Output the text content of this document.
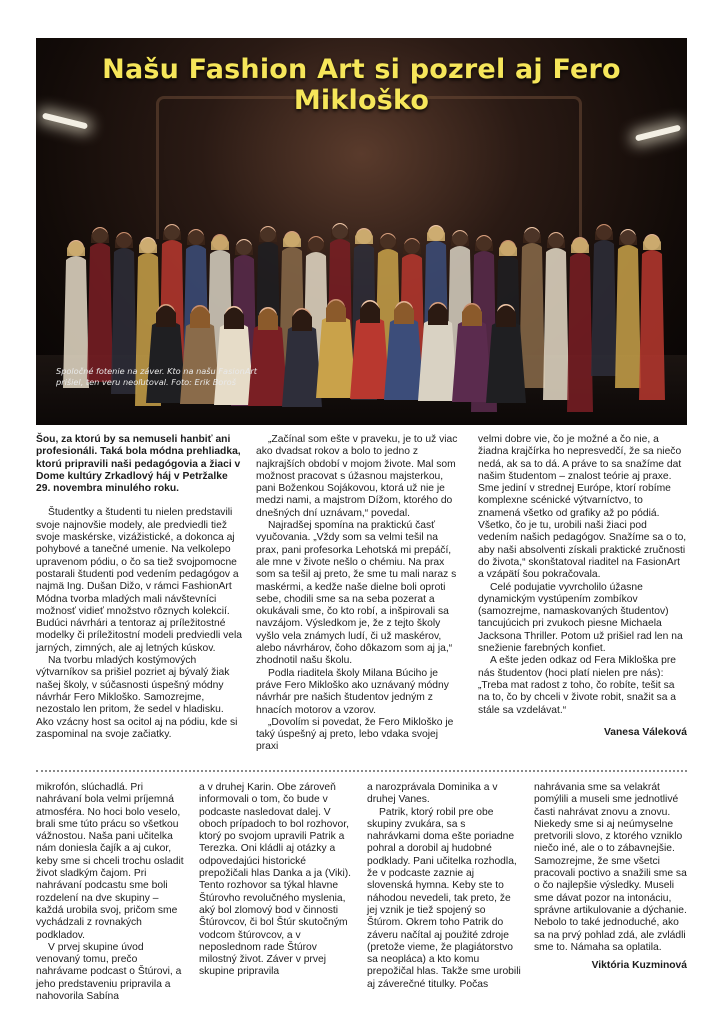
Našu Fashion Art si pozrel aj Fero Mikloško
Spoločné fotenie na záver. Kto na našu FasionArt
prišiel, ten veru neoľutoval. Foto: Erik Boroš

Šou, za ktorú by sa nemuseli hanbiť ani profesionáli. Taká bola módna prehliadka, ktorú pripravili naši pedagógovia a žiaci v Dome kultúry Zrkadlový háj v Petržalke 29. novembra minulého roku.

Študentky a študenti tu nielen predstavili svoje najnovšie modely, ale predviedli tiež svoje maskérske, vizážistické, a dokonca aj pohybové a tanečné umenie. Na velkolepo upravenom pódiu, o čo sa tiež svojpomocne postarali študenti pod vedením pedagógov a najmä Ing. Dušan Dižo, v rámci FashionArt Módna tvorba mladých mali návštevníci možnosť vidieť množstvo rôznych kolekcií. Budúci návrhári a tentoraz aj príležitostné modelky či príležitostní modeli predviedli vela jarných, zimných, ale aj letných kúskov.

Na tvorbu mladých kostýmových výtvarníkov sa prišiel pozriet aj bývalý žiak našej školy, v súčasnosti úspešný módny návrhár Fero Mikloško. Samozrejme, nezostalo len pritom, že sedel v hladisku. Ako vzácny host sa ocitol aj na pódiu, kde si zaspominal na svoje začiatky.

„Začínal som ešte v praveku, je to už viac ako dvadsat rokov a bolo to jedno z najkrajších období v mojom živote. Mal som možnost pracovat s úžasnou majsterkou, pani Boženkou Sojákovou, ktorá už nie je medzi nami, a majstrom Dížom, ktorého do dnešných dní uznávam,“ povedal.

Najradšej spomína na praktickú časť vyučovania. „Vždy som sa velmi tešil na prax, pani profesorka Lehotská mi prepáčí, ale mne v živote nešlo o chémiu. Na prax som sa tešil aj preto, že sme tu mali naraz s maskérmi, a kedže naše dielne boli oproti sebe, chodili sme sa na seba pozerat a okukávali sme, čo kto robí, a inšpirovali sa navzájom. Výsledkom je, že z tejto školy vyšlo vela známych ludí, či už maskérov, alebo návrhárov, čoho dôkazom som aj ja,“ zhodnotil našu školu.

Podla riaditela školy Milana Búciho je práve Fero Mikloško ako uznávaný módny návrhár pre našich študentov jedným z hnacích motorov a vzorov.

„Dovolím si povedat, že Fero Mikloško je taký úspešný aj preto, lebo vdaka svojej praxi

velmi dobre vie, čo je možné a čo nie, a žiadna krajčírka ho nepresvedčí, že sa niečo nedá, ak sa to dá. A práve to sa snažíme dat našim študentom – znalost teórie aj praxe. Sme jediní v strednej Európe, ktorí robíme komplexne scénické výtvarníctvo, to znamená všetko od grafiky až po pódiá. Všetko, čo je tu, urobili naši žiaci pod vedením našich pedagógov. Snažíme sa o to, aby naši absolventi získali praktické zručnosti do života,“ skonštatoval riaditel na FasionArt a vzápätí šou pokračovala.

Celé podujatie vyvrcholilo úžasne dynamickým vystúpením zombíkov (samozrejme, namaskovaných študentov) tancujúcich pri zvukoch piesne Michaela Jacksona Thriller. Potom už prišiel rad len na snežienie farebných konfiet.

A ešte jeden odkaz od Fera Mikloška pre nás študentov (hoci platí nielen pre nás): „Treba mat radost z toho, čo robíte, tešit sa na to, čo by chceli v živote robit, snažit sa a stále sa vzdelávat.“

Vanesa Váleková

mikrofón, slúchadlá. Pri nahrávaní bola velmi príjemná atmosféra. No hoci bolo veselo, brali sme túto prácu so všetkou vážnostou. Naša pani učitelka nám doniesla čajík a aj cukor, keby sme si chceli trochu osladit život sladkým čajom. Pri nahrávaní podcastu sme boli rozdelení na dve skupiny – každá urobila svoj, pričom sme vychádzali z rovnakých podkladov.

V prvej skupine úvod venovaný tomu, prečo nahrávame podcast o Štúrovi, a jeho predstaveniu pripravila a nahovorila Sabína

a v druhej Karin. Obe zároveň informovali o tom, čo bude v podcaste nasledovat dalej. V oboch prípadoch to bol rozhovor, ktorý po svojom upravili Patrik a Terezka. Oni kládli aj otázky a odpovedajúci historické prepožičali hlas Danka a ja (Viki). Tento rozhovor sa týkal hlavne Štúrovho revolučného myslenia, aký bol zlomový bod v činnosti Štúrovcov, či bol Štúr skutočným vodcom štúrovcov, a v neposlednom rade Štúrov milostný život. Záver v prvej skupine pripravila

a narozprávala Dominika a v druhej Vanes.

Patrik, ktorý robil pre obe skupiny zvukára, sa s nahrávkami doma ešte poriadne pohral a dorobil aj hudobné podklady. Pani učitelka rozhodla, že v podcaste zaznie aj slovenská hymna. Keby ste to náhodou nevedeli, tak preto, že jej vznik je tiež spojený so Štúrom. Okrem toho Patrik do záveru načítal aj použité zdroje (pretože vieme, že plagiátorstvo sa neoplácа) a kto komu prepožičal hlas. Takže sme urobili aj záverečné titulky. Počas

nahrávania sme sa velakrát pomýlili a museli sme jednotlivé časti nahrávat znovu a znovu. Niekedy sme si aj neúmyselne pretvorili slovo, z ktorého vzniklo niečo iné, ale o to zábavnejšie. Samozrejme, že sme všetci pracovali poctivo a snažili sme sa o čo najlepšie výsledky. Museli sme dávat pozor na intonáciu, správne artikulovanie a dýchanie. Nebolo to také jednoduché, ako sa na prvý pohlad zdá, ale zvládli sme to. Námaha sa oplatila.

Viktória Kuzminová
